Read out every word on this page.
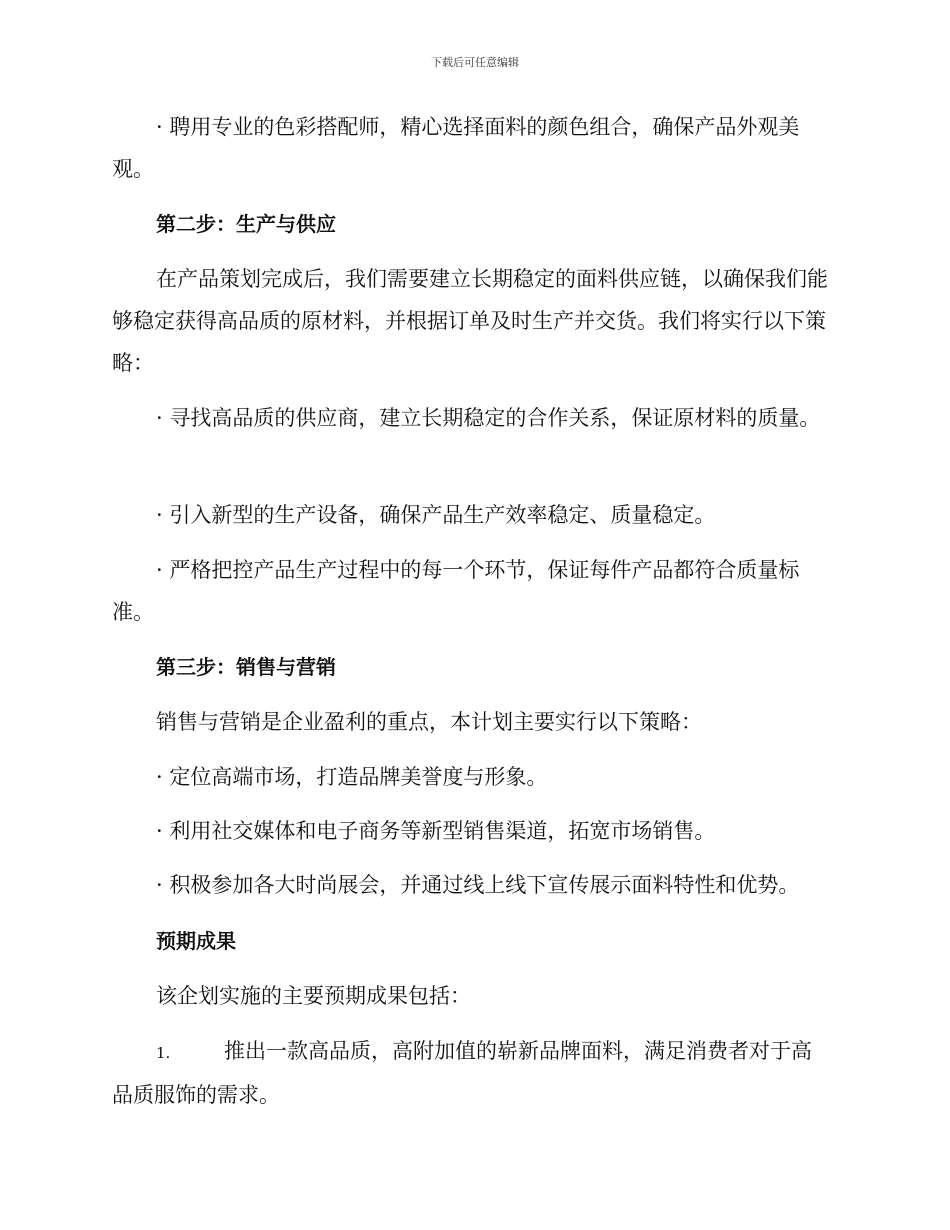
下载后可任意编辑
· 聘用专业的色彩搭配师，精心选择面料的颜色组合，确保产品外观美观。
第二步：生产与供应
在产品策划完成后，我们需要建立长期稳定的面料供应链，以确保我们能够稳定获得高品质的原材料，并根据订单及时生产并交货。我们将实行以下策略：
· 寻找高品质的供应商，建立长期稳定的合作关系，保证原材料的质量。
· 引入新型的生产设备，确保产品生产效率稳定、质量稳定。
· 严格把控产品生产过程中的每一个环节，保证每件产品都符合质量标准。
第三步：销售与营销
销售与营销是企业盈利的重点，本计划主要实行以下策略：
· 定位高端市场，打造品牌美誉度与形象。
· 利用社交媒体和电子商务等新型销售渠道，拓宽市场销售。
· 积极参加各大时尚展会，并通过线上线下宣传展示面料特性和优势。
预期成果
该企划实施的主要预期成果包括：
1.	推出一款高品质，高附加值的崭新品牌面料，满足消费者对于高品质服饰的需求。
